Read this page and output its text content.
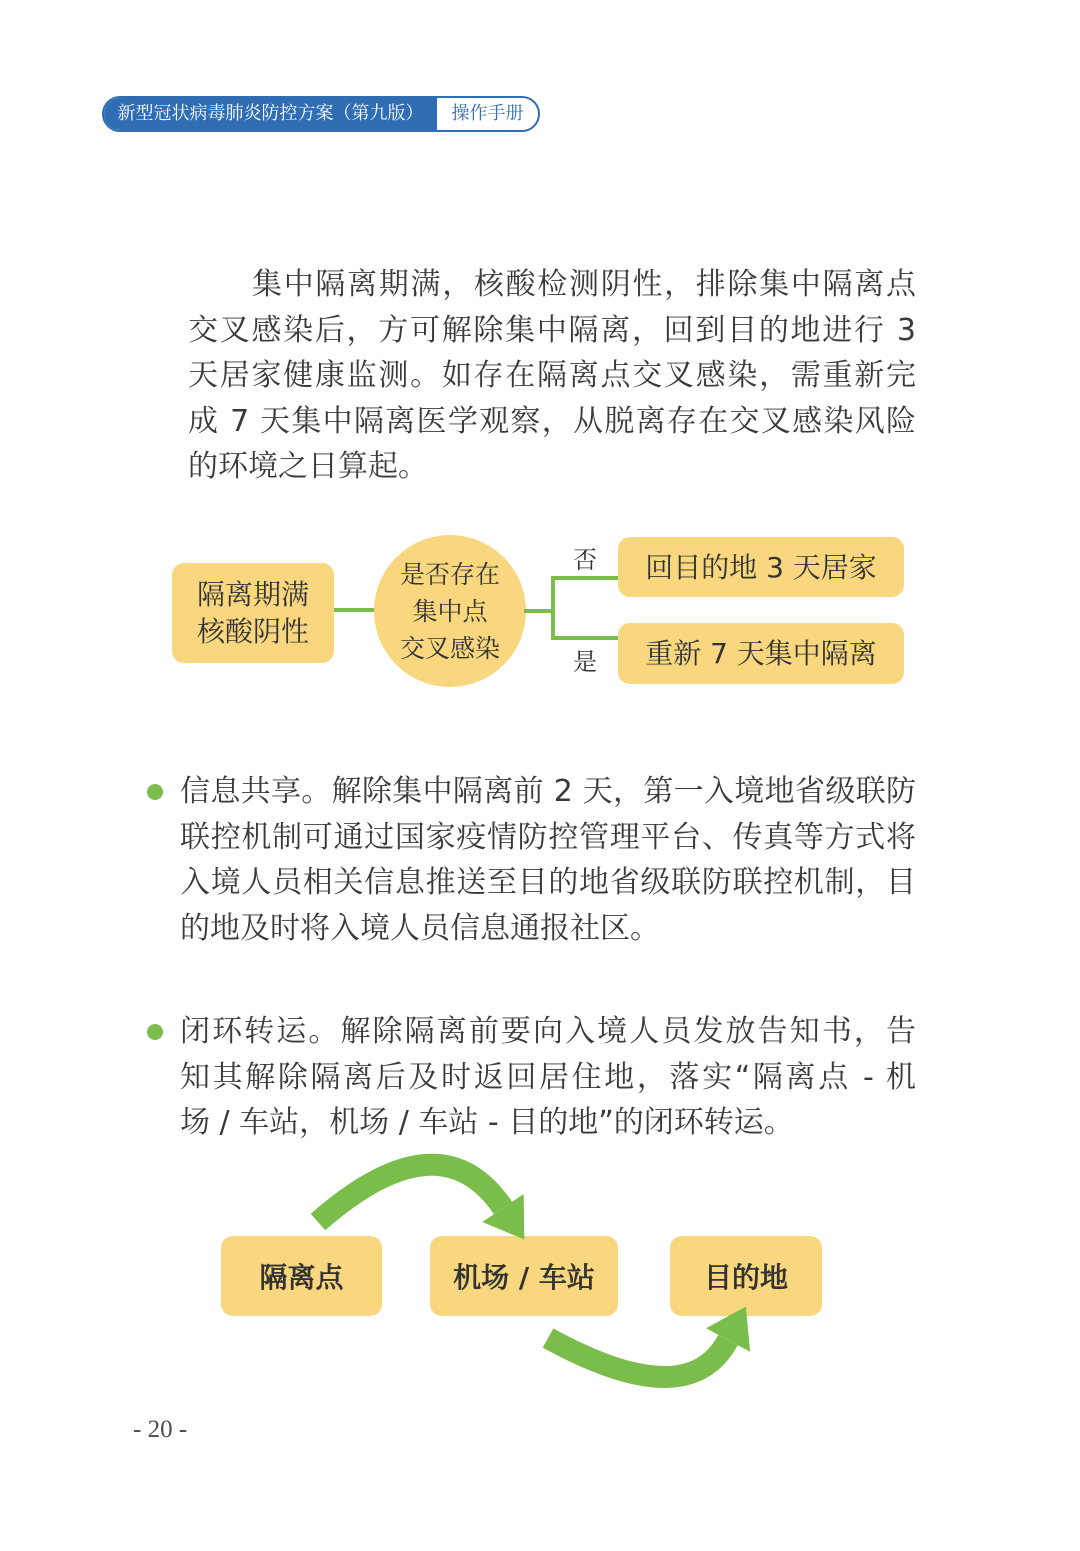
新型冠状病毒肺炎防控方案（第九版）	操作手册
集中隔离期满，核酸检测阴性，排除集中隔离点
交叉感染后，方可解除集中隔离，回到目的地进行 3
天居家健康监测。如存在隔离点交叉感染，需重新完
成 7 天集中隔离医学观察，从脱离存在交叉感染风险
的环境之日算起。
隔离期满
核酸阴性
是否存在
集中点
交叉感染
否
是
回目的地 3 天居家
重新 7 天集中隔离
信息共享。解除集中隔离前 2 天，第一入境地省级联防
联控机制可通过国家疫情防控管理平台、传真等方式将
入境人员相关信息推送至目的地省级联防联控机制，目
的地及时将入境人员信息通报社区。
闭环转运。解除隔离前要向入境人员发放告知书，告
知其解除隔离后及时返回居住地，落实“隔离点 - 机
场 / 车站，机场 / 车站 - 目的地”的闭环转运。
隔离点	机场 / 车站	目的地
- 20 -
